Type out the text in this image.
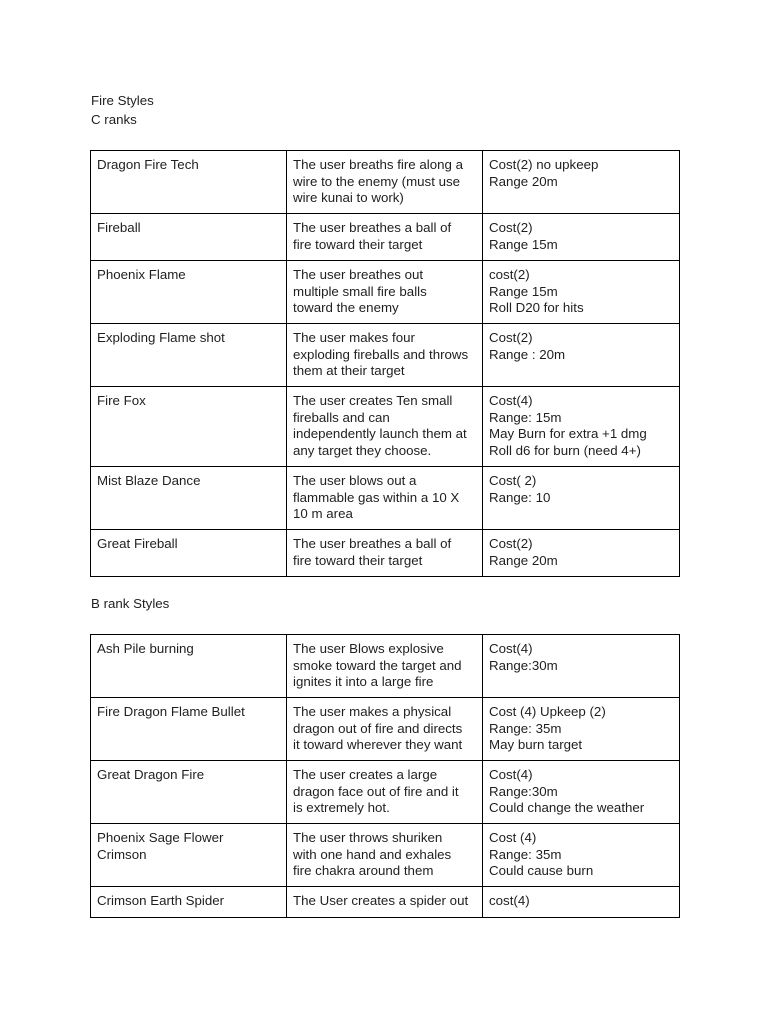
Fire Styles

C ranks

Dragon Fire Tech	The user breaths fire along a
wire to the enemy (must use
wire kunai to work)	Cost(2) no upkeep
Range 20m

Fireball	The user breathes a ball of
fire toward their target	Cost(2)
Range 15m

Phoenix Flame	The user breathes out
multiple small fire balls
toward the enemy	cost(2)
Range 15m
Roll D20 for hits

Exploding Flame shot	The user makes four
exploding fireballs and throws
them at their target	Cost(2)
Range : 20m

Fire Fox	The user creates Ten small
fireballs and can
independently launch them at
any target they choose.	Cost(4)
Range: 15m
May Burn for extra +1 dmg
Roll d6 for burn (need 4+)

Mist Blaze Dance	The user blows out a
flammable gas within a 10 X
10 m area	Cost( 2)
Range: 10

Great Fireball	The user breathes a ball of
fire toward their target	Cost(2)
Range 20m

B rank Styles

Ash Pile burning	The user Blows explosive
smoke toward the target and
ignites it into a large fire	Cost(4)
Range:30m

Fire Dragon Flame Bullet	The user makes a physical
dragon out of fire and directs
it toward wherever they want	Cost (4) Upkeep (2)
Range: 35m
May burn target

Great Dragon Fire	The user creates a large
dragon face out of fire and it
is extremely hot.	Cost(4)
Range:30m
Could change the weather

Phoenix Sage Flower
Crimson	The user throws shuriken
with one hand and exhales
fire chakra around them	Cost (4)
Range: 35m
Could cause burn

Crimson Earth Spider	The User creates a spider out	cost(4)
